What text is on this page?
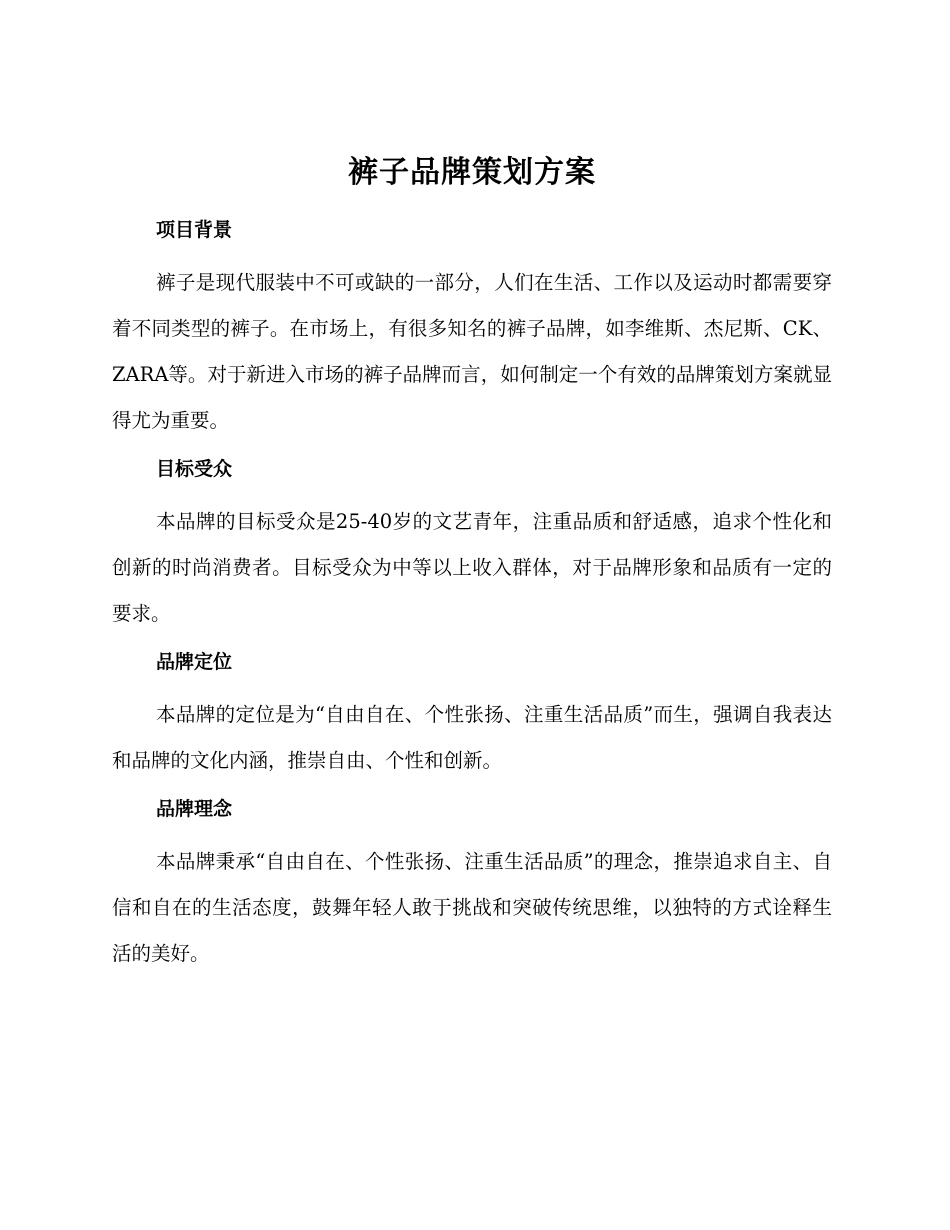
裤子品牌策划方案
项目背景

裤子是现代服装中不可或缺的一部分，人们在生活、工作以及运动时都需要穿着不同类型的裤子。在市场上，有很多知名的裤子品牌，如李维斯、杰尼斯、CK、ZARA等。对于新进入市场的裤子品牌而言，如何制定一个有效的品牌策划方案就显得尤为重要。

目标受众

本品牌的目标受众是25-40岁的文艺青年，注重品质和舒适感，追求个性化和创新的时尚消费者。目标受众为中等以上收入群体，对于品牌形象和品质有一定的要求。

品牌定位

本品牌的定位是为“自由自在、个性张扬、注重生活品质”而生，强调自我表达和品牌的文化内涵，推崇自由、个性和创新。

品牌理念

本品牌秉承“自由自在、个性张扬、注重生活品质”的理念，推崇追求自主、自信和自在的生活态度，鼓舞年轻人敢于挑战和突破传统思维，以独特的方式诠释生活的美好。
